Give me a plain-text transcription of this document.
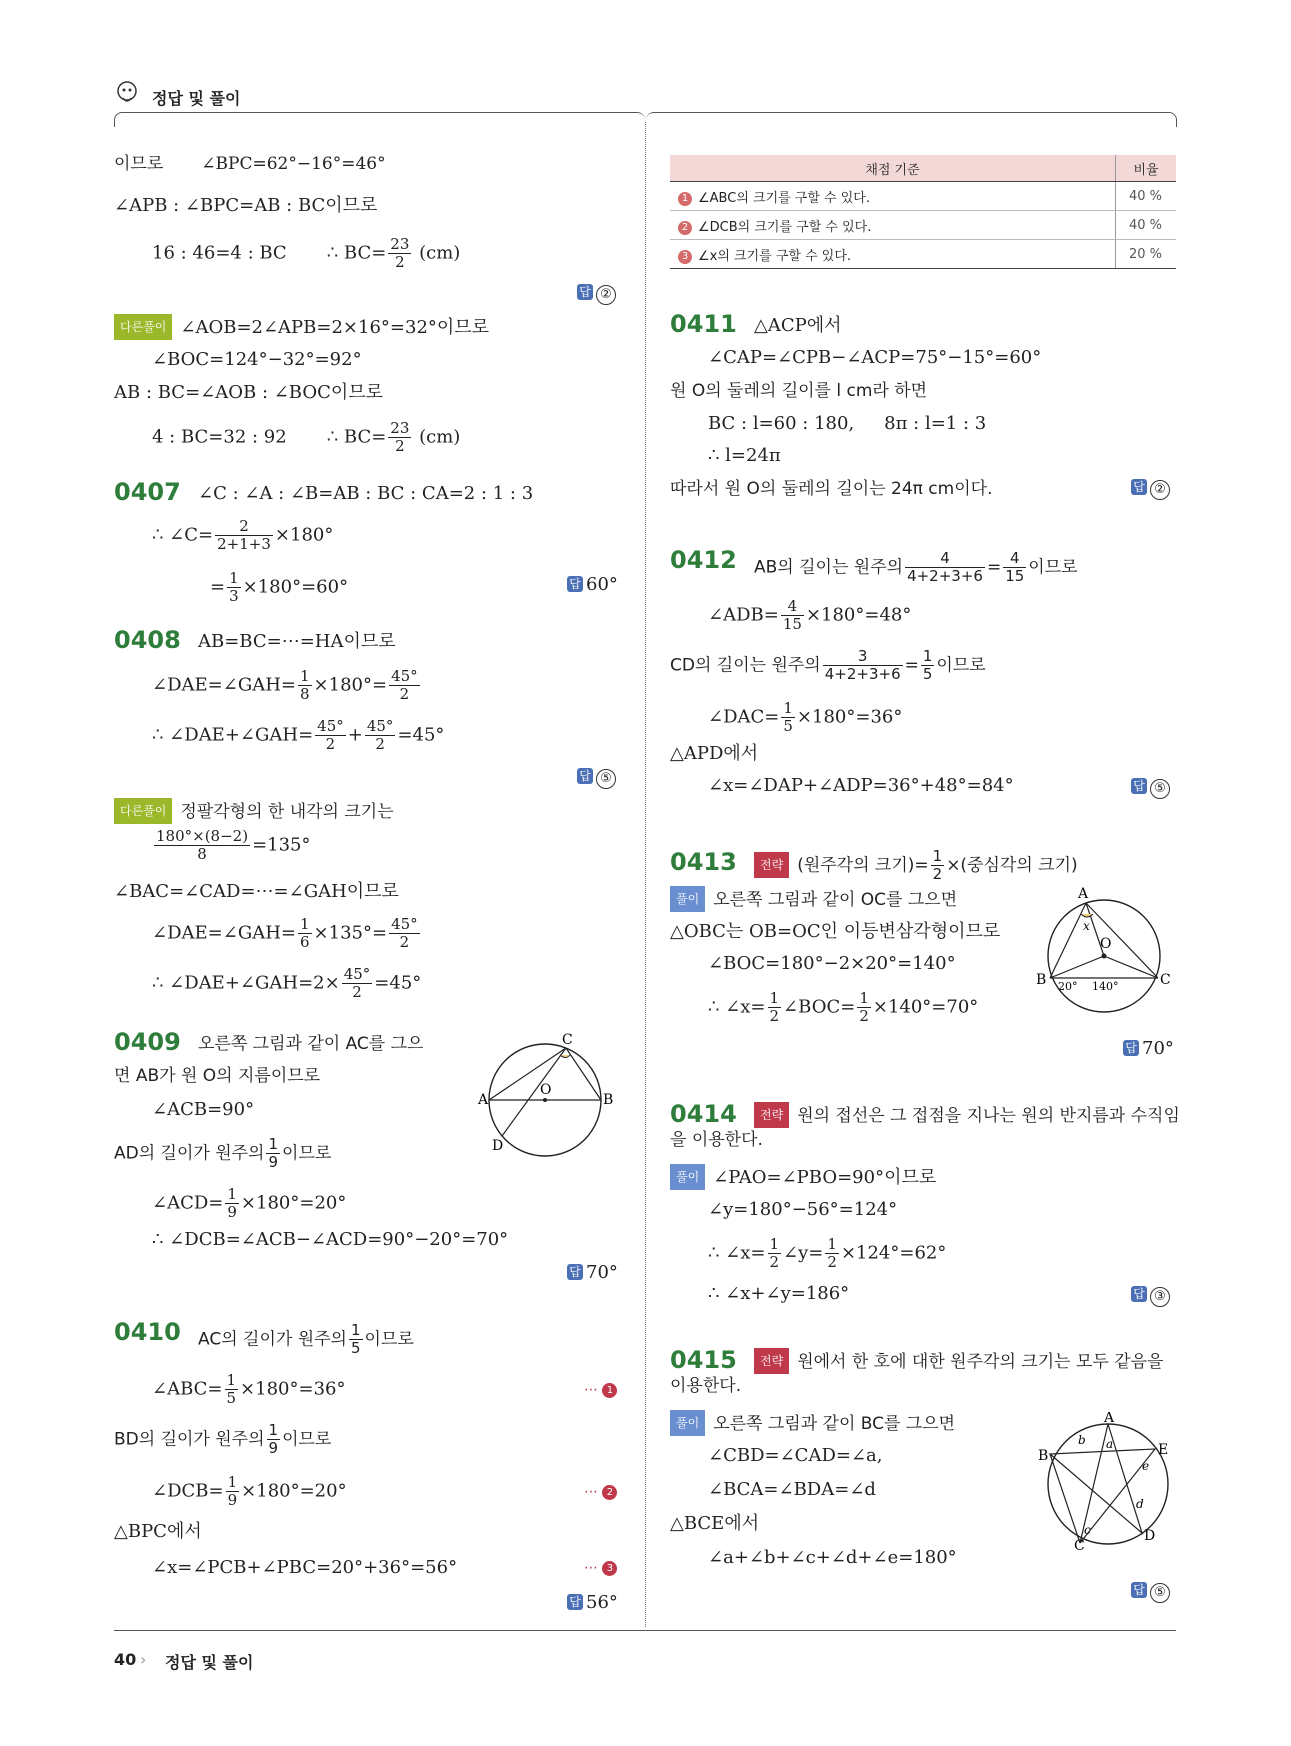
정답 및 풀이
이므로 ∠BPC=62°−16°=46°
∠APB : ∠BPC=AB : BC이므로
16 : 46=4 : BC ∴ $BC= \frac{23}{2} (cm)$
답 ②
다른풀이 ∠AOB=2∠APB=2×16°=32°이므로
∠BOC=124°−32°=92°
AB : BC=∠AOB : ∠BOC이므로
4 : BC=32 : 92 ∴ $BC= \frac{23}{2} (cm)$
0407 ∠C : ∠A : ∠B=AB : BC : CA=2 : 1 : 3
∴ ∠C= $\frac{2}{2+1+3} \times 180^\circ$
= $\frac{1}{3} \times 180^\circ=60^\circ$	답 60°
0408 AB=BC=⋯=HA이므로
∠DAE=∠GAH= $\frac{1}{8} \times 180^\circ= \frac{45^\circ}{2}$
∴ ∠DAE+∠GAH= $\frac{45^\circ}{2} + \frac{45^\circ}{2} =45^\circ$
답 ⑤
다른풀이 정팔각형의 한 내각의 크기는
$\frac{180^\circ\times(8-2)}{8} =135^\circ$
∠BAC=∠CAD=⋯=∠GAH이므로
∠DAE=∠GAH= $\frac{1}{6} \times 135^\circ= \frac{45^\circ}{2}$
∴ ∠DAE+∠GAH=2× $\frac{45^\circ}{2} =45^\circ$
0409 오른쪽 그림과 같이 AC를 그으
면 AB가 원 O의 지름이므로
∠ACB=90°
AD의 길이가 원주의 $\frac{1}{9}$ 이므로
∠ACD= $\frac{1}{9} \times 180^\circ=20^\circ$
∴ ∠DCB=∠ACB−∠ACD=90°−20°=70°
답 70°
A	B
C
D
O
0410 AC의 길이가 원주의 $\frac{1}{5}$ 이므로
∠ABC= $\frac{1}{5} \times 180^\circ=36^\circ$	⋯ 1
BD의 길이가 원주의 $\frac{1}{9}$ 이므로
∠DCB= $\frac{1}{9} \times 180^\circ=20^\circ$	⋯ 2
△BPC에서
∠x=∠PCB+∠PBC=20°+36°=56°	⋯ 3
답 56°
채점 기준	비율
1 ∠ABC의 크기를 구할 수 있다.	40 %
2 ∠DCB의 크기를 구할 수 있다.	40 %
3 ∠x의 크기를 구할 수 있다.	20 %
0411 △ACP에서
∠CAP=∠CPB−∠ACP=75°−15°=60°
원 O의 둘레의 길이를 l cm라 하면
BC : l=60 : 180, 8π : l=1 : 3
∴ l=24π
따라서 원 O의 둘레의 길이는 24π cm이다.	답 ②
0412 AB의 길이는 원주의 $\frac{4}{4+2+3+6} = \frac{4}{15}$ 이므로
∠ADB= $\frac{4}{15} \times 180^\circ=48^\circ$
CD의 길이는 원주의 $\frac{3}{4+2+3+6} = \frac{1}{5}$ 이므로
∠DAC= $\frac{1}{5} \times 180^\circ=36^\circ$
△APD에서
∠x=∠DAP+∠ADP=36°+48°=84°	답 ⑤
0413	전략 (원주각의 크기)= $\frac{1}{2}$ ×(중심각의 크기)
풀이 오른쪽 그림과 같이 OC를 그으면
△OBC는 OB=OC인 이등변삼각형이므로
∠BOC=180°−2×20°=140°
∴ ∠x= $\frac{1}{2}$ ∠BOC= $\frac{1}{2} \times 140^\circ=70^\circ$
답 70°
A
B	C
O
x
20° 140°
0414	전략 원의 접선은 그 접점을 지나는 원의 반지름과 수직임
을 이용한다.
풀이 ∠PAO=∠PBO=90°이므로
∠y=180°−56°=124°
∴ ∠x= $\frac{1}{2}$ ∠y= $\frac{1}{2} \times 124^\circ=62^\circ$
∴ ∠x+∠y=186°	답 ③
0415	전략 원에서 한 호에 대한 원주각의 크기는 모두 같음을
이용한다.
풀이 오른쪽 그림과 같이 BC를 그으면
∠CBD=∠CAD=∠a,
∠BCA=∠BDA=∠d
△BCE에서
∠a+∠b+∠c+∠d+∠e=180°
답 ⑤
A
B
C
D
E
a
b
c
d
e
40 › 정답 및 풀이
